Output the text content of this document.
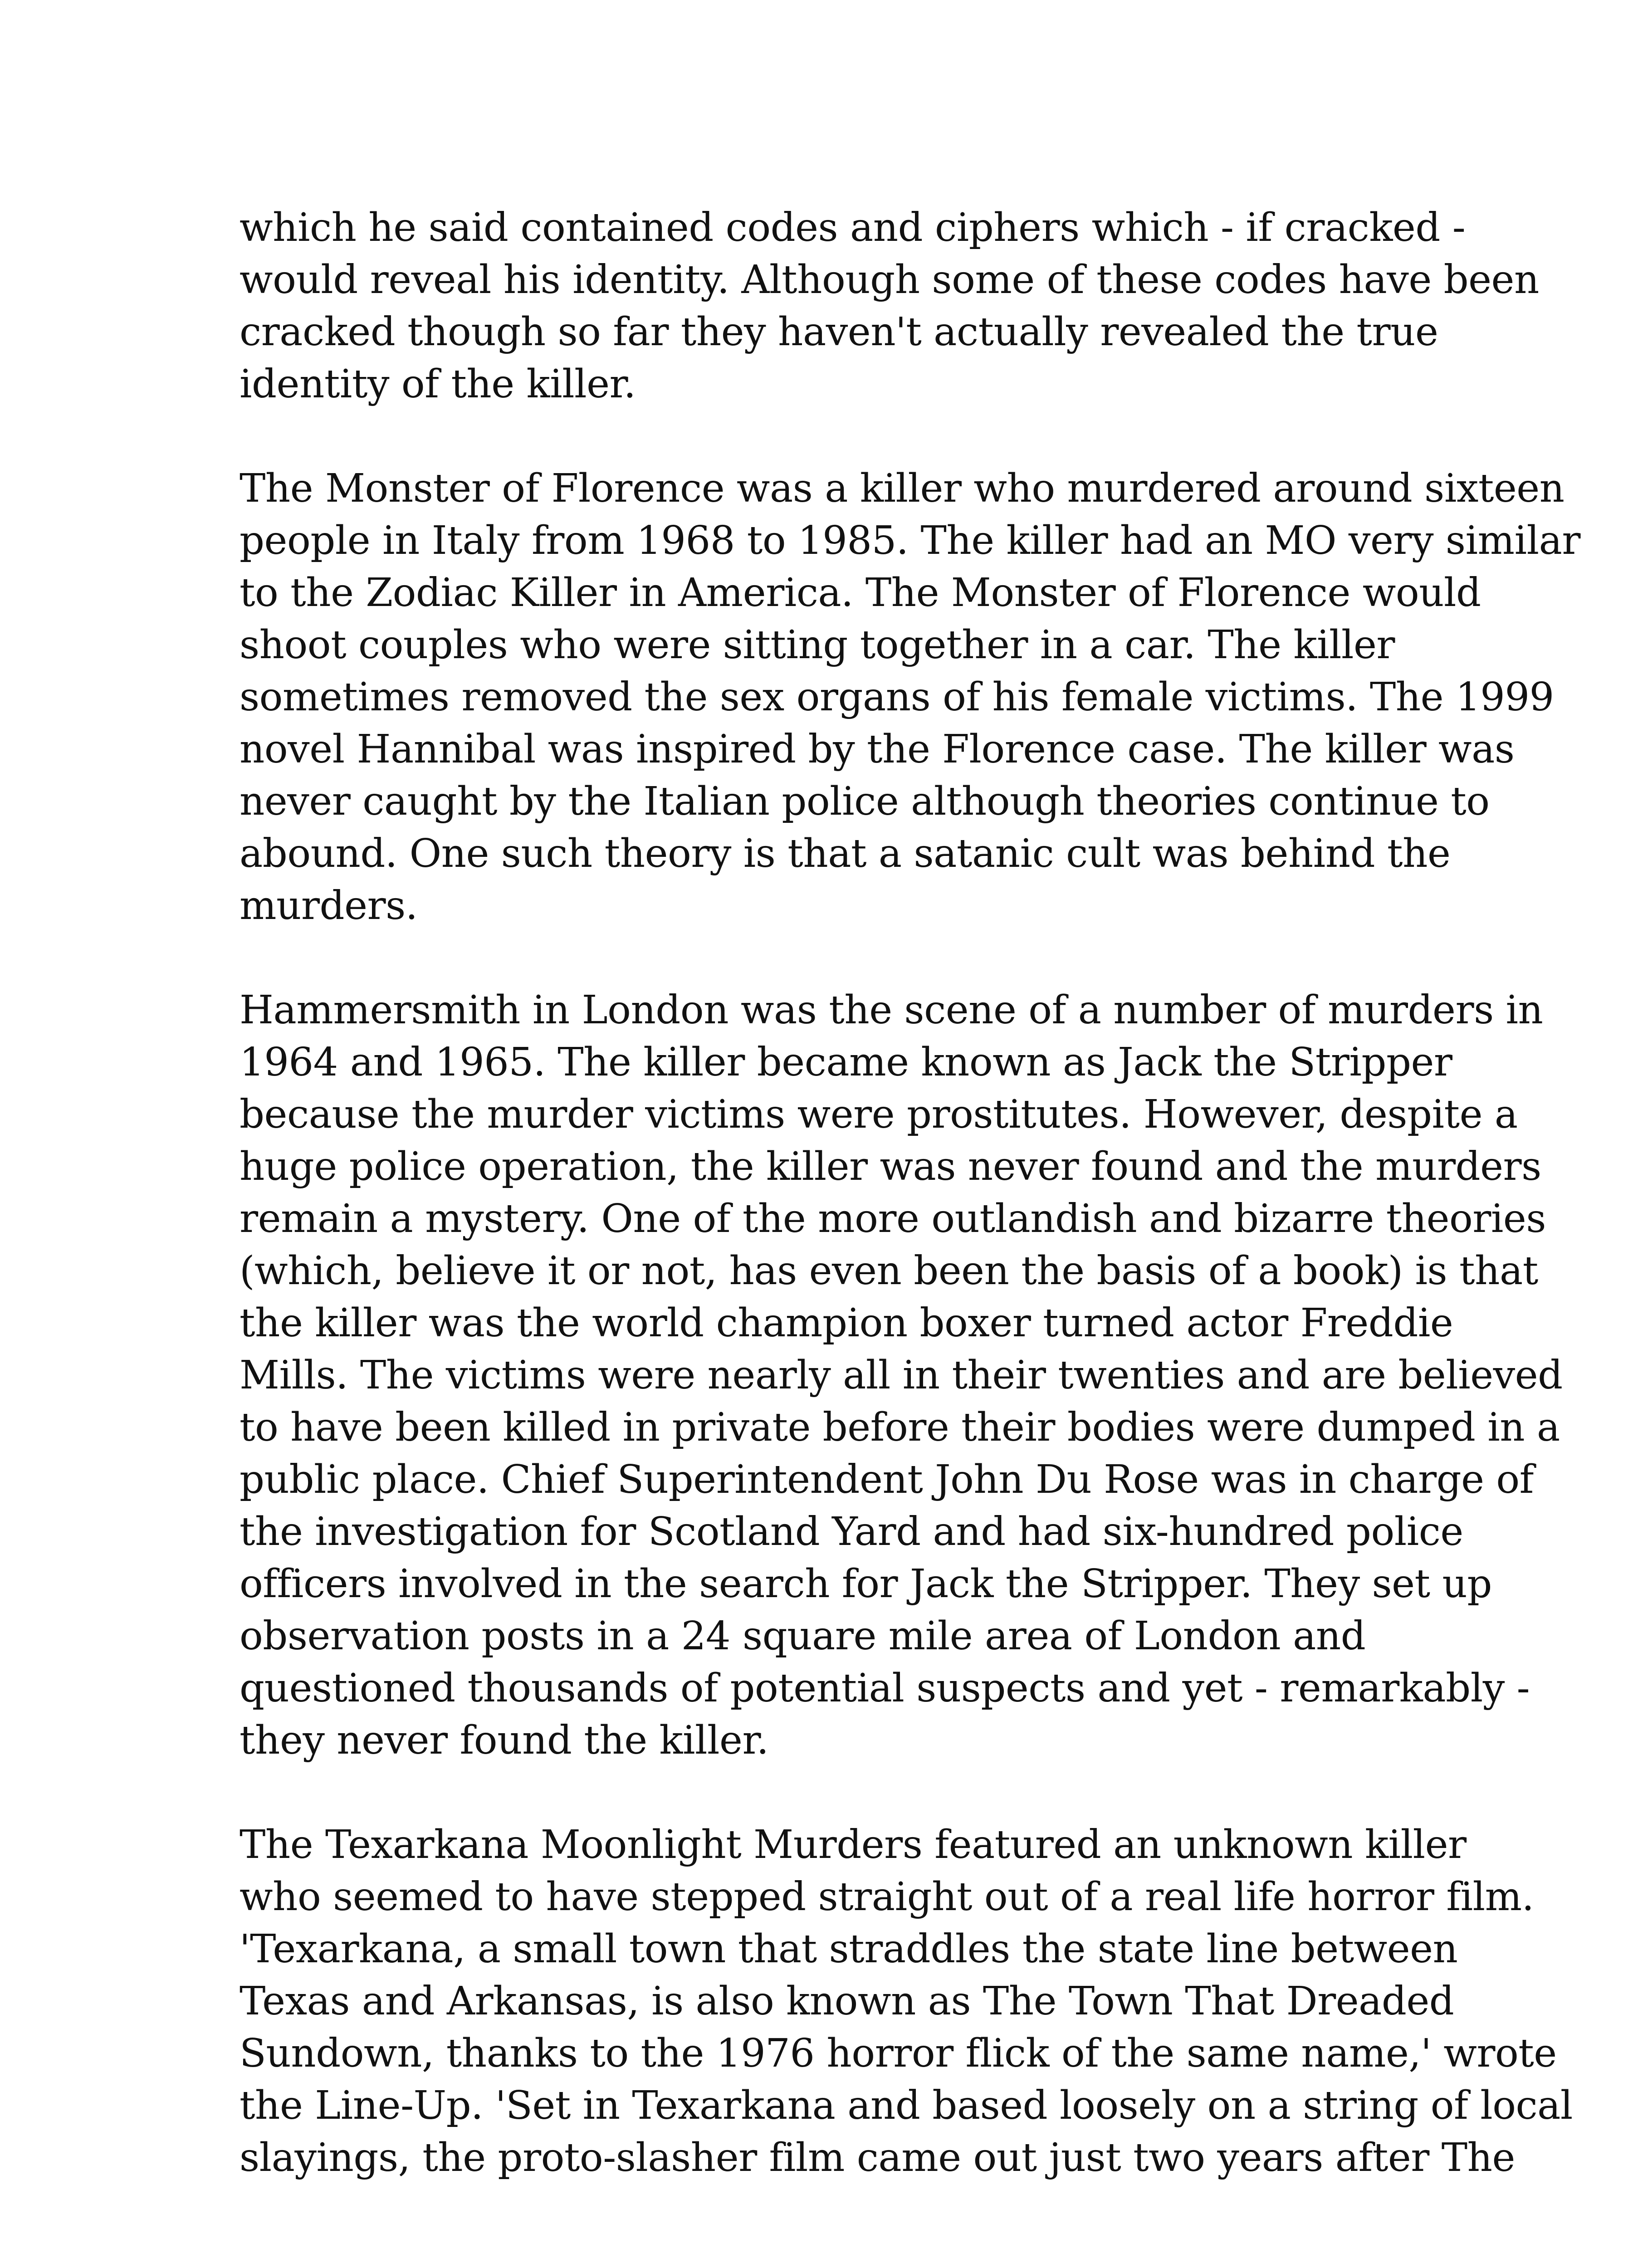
which he said contained codes and ciphers which - if cracked -
would reveal his identity. Although some of these codes have been
cracked though so far they haven't actually revealed the true
identity of the killer.
The Monster of Florence was a killer who murdered around sixteen
people in Italy from 1968 to 1985. The killer had an MO very similar
to the Zodiac Killer in America. The Monster of Florence would
shoot couples who were sitting together in a car. The killer
sometimes removed the sex organs of his female victims. The 1999
novel Hannibal was inspired by the Florence case. The killer was
never caught by the Italian police although theories continue to
abound. One such theory is that a satanic cult was behind the
murders.
Hammersmith in London was the scene of a number of murders in
1964 and 1965. The killer became known as Jack the Stripper
because the murder victims were prostitutes. However, despite a
huge police operation, the killer was never found and the murders
remain a mystery. One of the more outlandish and bizarre theories
(which, believe it or not, has even been the basis of a book) is that
the killer was the world champion boxer turned actor Freddie
Mills. The victims were nearly all in their twenties and are believed
to have been killed in private before their bodies were dumped in a
public place. Chief Superintendent John Du Rose was in charge of
the investigation for Scotland Yard and had six-hundred police
officers involved in the search for Jack the Stripper. They set up
observation posts in a 24 square mile area of London and
questioned thousands of potential suspects and yet - remarkably -
they never found the killer.
The Texarkana Moonlight Murders featured an unknown killer
who seemed to have stepped straight out of a real life horror film.
'Texarkana, a small town that straddles the state line between
Texas and Arkansas, is also known as The Town That Dreaded
Sundown, thanks to the 1976 horror flick of the same name,' wrote
the Line-Up. 'Set in Texarkana and based loosely on a string of local
slayings, the proto-slasher film came out just two years after The
